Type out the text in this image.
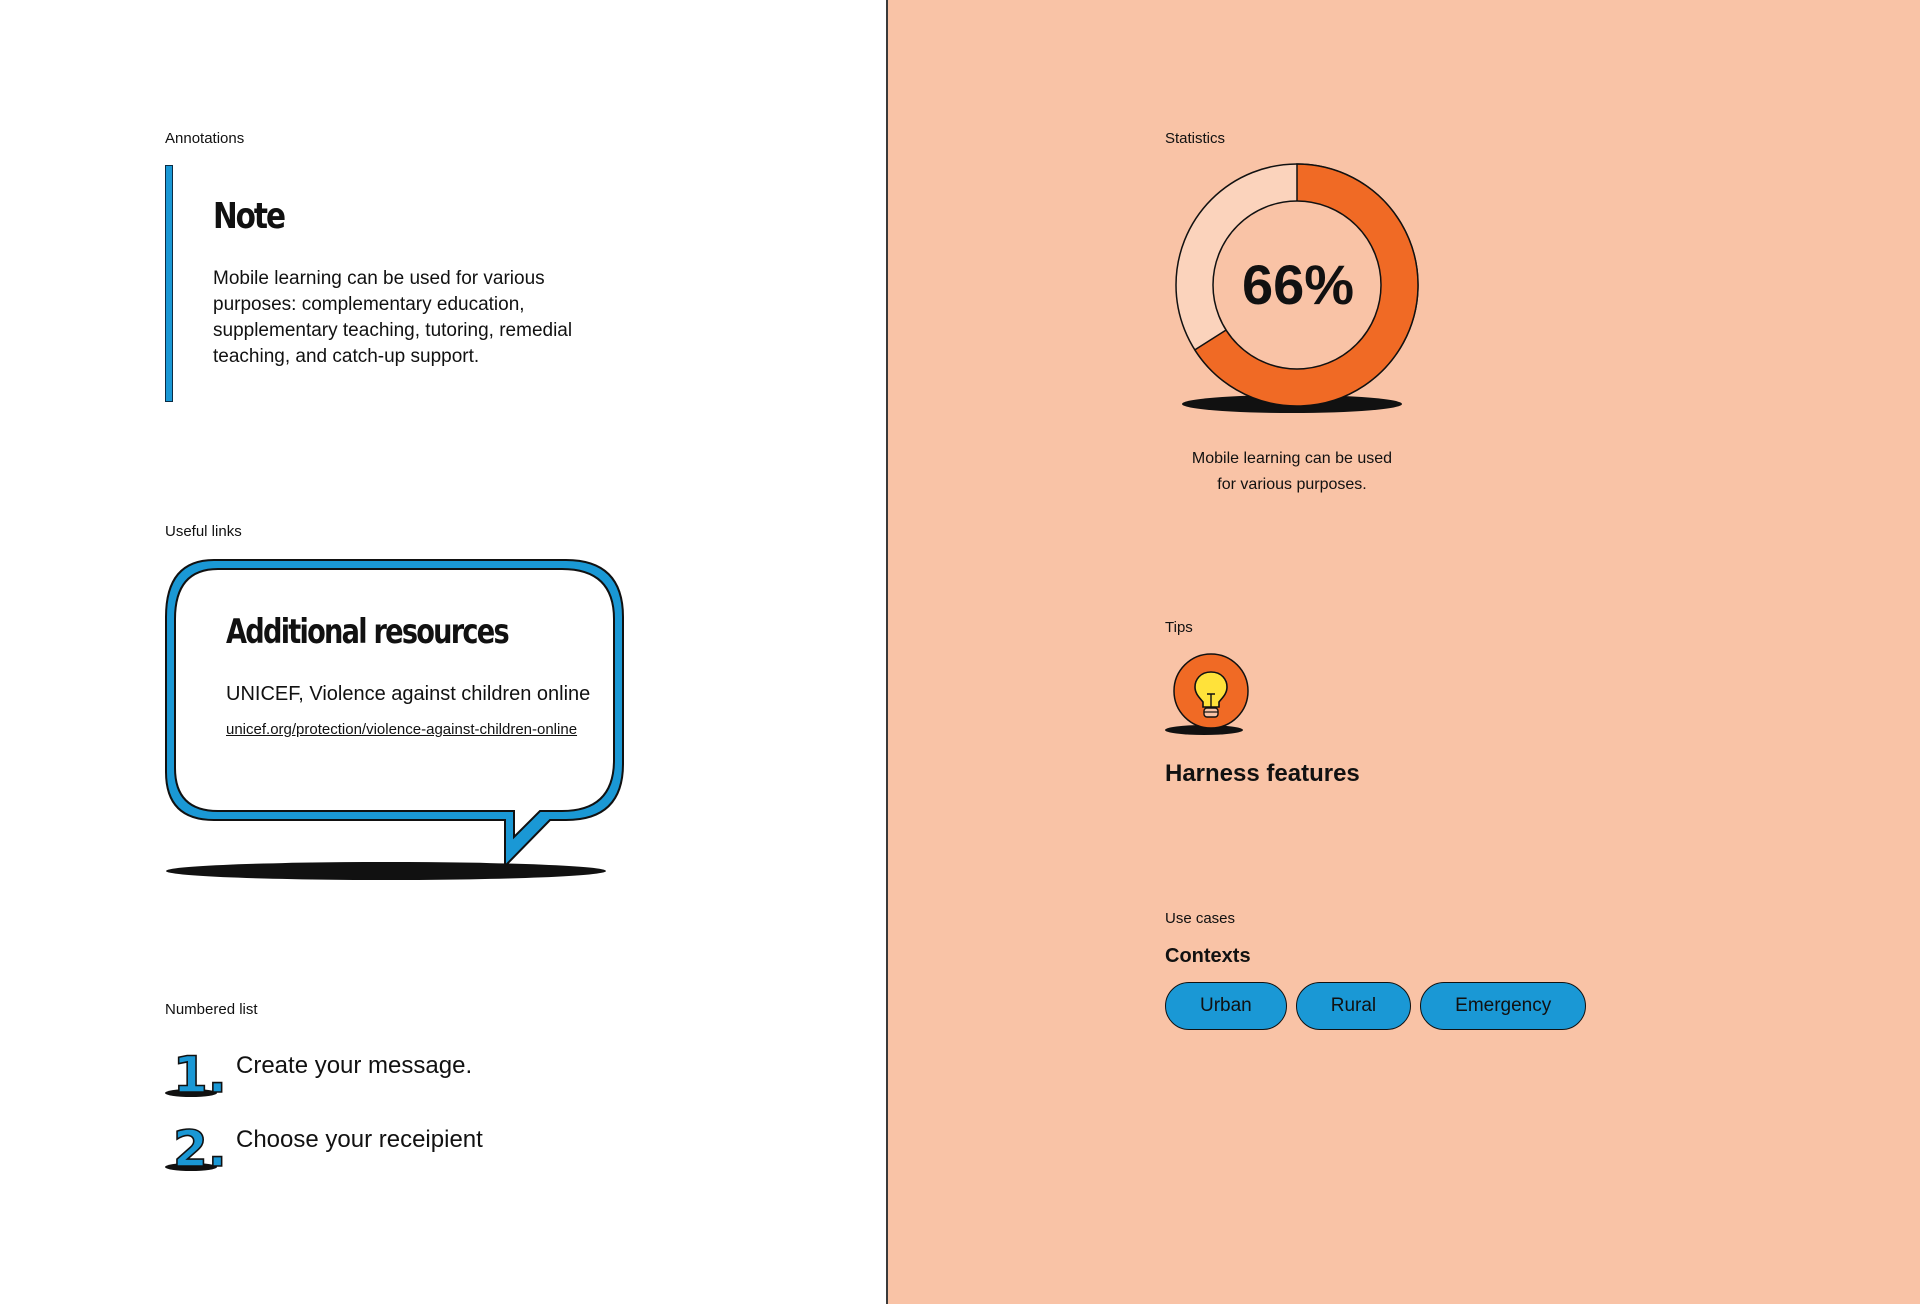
Annotations
Note
Mobile learning can be used for various purposes: complementary education, supplementary teaching, tutoring, remedial teaching, and catch-up support.
Useful links
Additional resources
UNICEF, Violence against children online
unicef.org/protection/violence-against-children-online
Numbered list
1. Create your message.
2. Choose your receipient
Statistics
66%
Mobile learning can be used
for various purposes.
Tips
Harness features
Use cases
Contexts
Urban	Rural	Emergency
